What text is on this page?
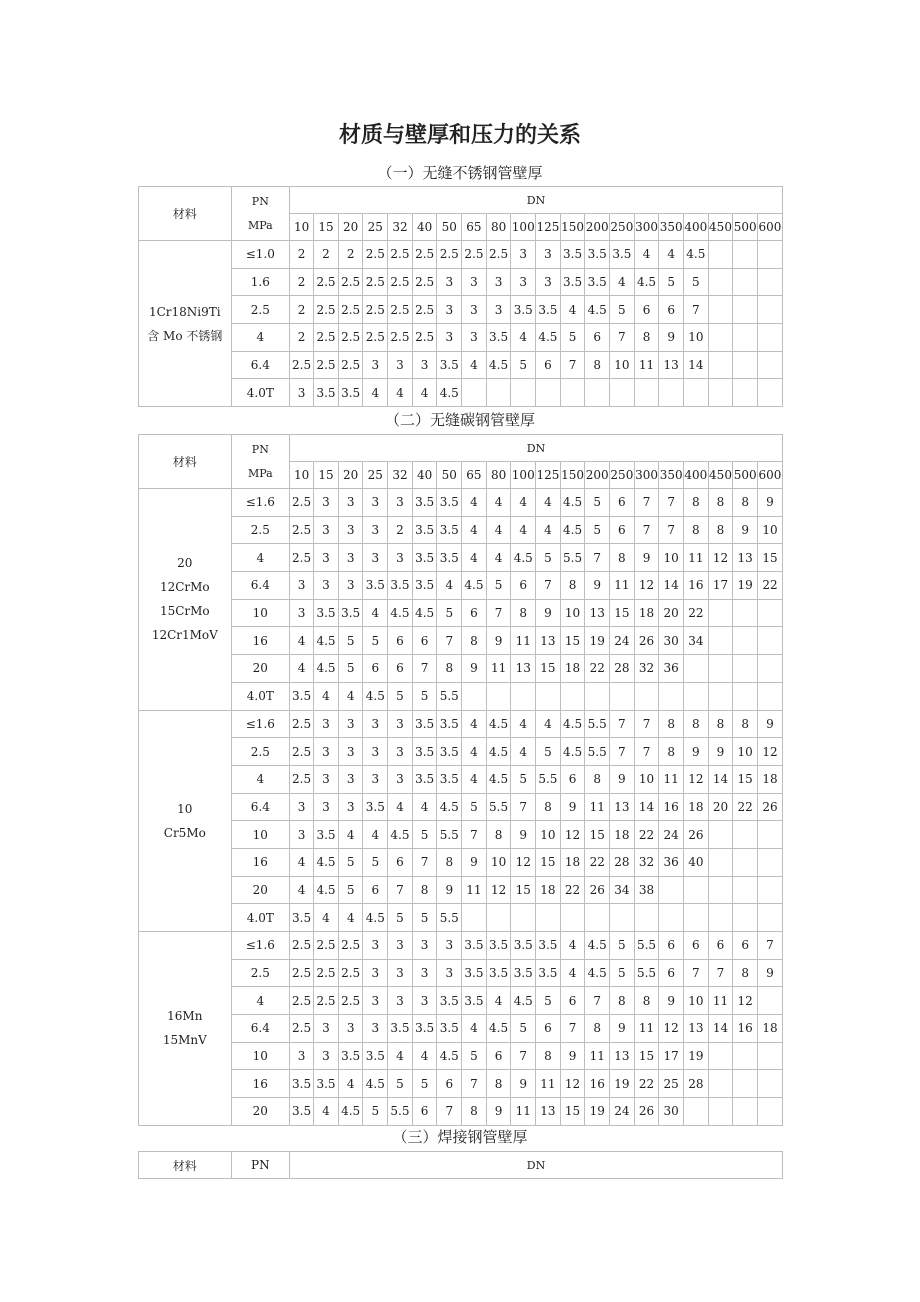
材质与壁厚和压力的关系
（一）无缝不锈钢管壁厚
材料	PN
MPa	DN																			
		10	15	20	25	32	40	50	65	80	100	125	150	200	250	300	350	400	450	500	600

1Cr18Ni9Ti
含 Mo 不锈钢	≤1.0	2	2	2	2.5	2.5	2.5	2.5	2.5	2.5	3	3	3.5	3.5	3.5	4	4	4.5			
	1.6	2	2.5	2.5	2.5	2.5	2.5	3	3	3	3	3	3.5	3.5	4	4.5	5	5			
	2.5	2	2.5	2.5	2.5	2.5	2.5	3	3	3	3.5	3.5	4	4.5	5	6	6	7			
	4	2	2.5	2.5	2.5	2.5	2.5	3	3	3.5	4	4.5	5	6	7	8	9	10			
	6.4	2.5	2.5	2.5	3	3	3	3.5	4	4.5	5	6	7	8	10	11	13	14			
	4.0T	3	3.5	3.5	4	4	4	4.5													
（二）无缝碳钢管壁厚
材料	PN
MPa	DN																			
		10	15	20	25	32	40	50	65	80	100	125	150	200	250	300	350	400	450	500	600

20
12CrMo
15CrMo
12Cr1MoV	≤1.6	2.5	3	3	3	3	3.5	3.5	4	4	4	4	4.5	5	6	7	7	8	8	8	9
	2.5	2.5	3	3	3	2	3.5	3.5	4	4	4	4	4.5	5	6	7	7	8	8	9	10
	4	2.5	3	3	3	3	3.5	3.5	4	4	4.5	5	5.5	7	8	9	10	11	12	13	15
	6.4	3	3	3	3.5	3.5	3.5	4	4.5	5	6	7	8	9	11	12	14	16	17	19	22
	10	3	3.5	3.5	4	4.5	4.5	5	6	7	8	9	10	13	15	18	20	22			
	16	4	4.5	5	5	6	6	7	8	9	11	13	15	19	24	26	30	34			
	20	4	4.5	5	6	6	7	8	9	11	13	15	18	22	28	32	36				
	4.0T	3.5	4	4	4.5	5	5	5.5													

10
Cr5Mo	≤1.6	2.5	3	3	3	3	3.5	3.5	4	4.5	4	4	4.5	5.5	7	7	8	8	8	8	9
	2.5	2.5	3	3	3	3	3.5	3.5	4	4.5	4	5	4.5	5.5	7	7	8	9	9	10	12
	4	2.5	3	3	3	3	3.5	3.5	4	4.5	5	5.5	6	8	9	10	11	12	14	15	18
	6.4	3	3	3	3.5	4	4	4.5	5	5.5	7	8	9	11	13	14	16	18	20	22	26
	10	3	3.5	4	4	4.5	5	5.5	7	8	9	10	12	15	18	22	24	26			
	16	4	4.5	5	5	6	7	8	9	10	12	15	18	22	28	32	36	40			
	20	4	4.5	5	6	7	8	9	11	12	15	18	22	26	34	38					
	4.0T	3.5	4	4	4.5	5	5	5.5													

16Mn
15MnV	≤1.6	2.5	2.5	2.5	3	3	3	3	3.5	3.5	3.5	3.5	4	4.5	5	5.5	6	6	6	6	7
	2.5	2.5	2.5	2.5	3	3	3	3	3.5	3.5	3.5	3.5	4	4.5	5	5.5	6	7	7	8	9
	4	2.5	2.5	2.5	3	3	3	3.5	3.5	4	4.5	5	6	7	8	8	9	10	11	12	
	6.4	2.5	3	3	3	3.5	3.5	3.5	4	4.5	5	6	7	8	9	11	12	13	14	16	18
	10	3	3	3.5	3.5	4	4	4.5	5	6	7	8	9	11	13	15	17	19			
	16	3.5	3.5	4	4.5	5	5	6	7	8	9	11	12	16	19	22	25	28			
	20	3.5	4	4.5	5	5.5	6	7	8	9	11	13	15	19	24	26	30				
（三）焊接钢管壁厚
材料	PN	DN
